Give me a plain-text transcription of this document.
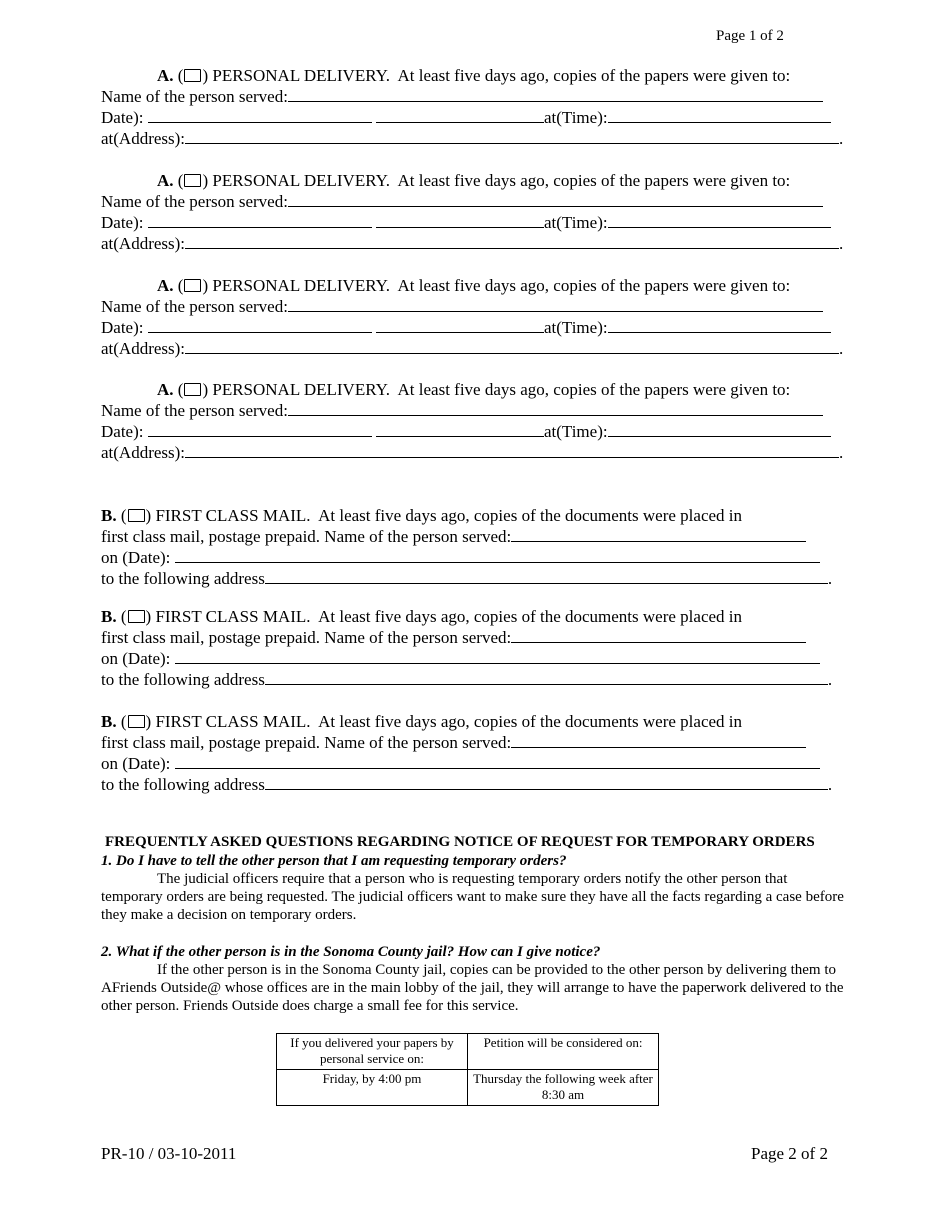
Page 1 of 2
A. ( ) PERSONAL DELIVERY. At least five days ago, copies of the papers were given to:
Name of the person served:
Date):	at(Time):
at(Address):	.
A. ( ) PERSONAL DELIVERY. At least five days ago, copies of the papers were given to:
Name of the person served:
Date):	at(Time):
at(Address):	.
A. ( ) PERSONAL DELIVERY. At least five days ago, copies of the papers were given to:
Name of the person served:
Date):	at(Time):
at(Address):	.
A. ( ) PERSONAL DELIVERY. At least five days ago, copies of the papers were given to:
Name of the person served:
Date):	at(Time):
at(Address):	.
B. ( ) FIRST CLASS MAIL. At least five days ago, copies of the documents were placed in
first class mail, postage prepaid. Name of the person served:
on (Date):
to the following address	.
B. ( ) FIRST CLASS MAIL. At least five days ago, copies of the documents were placed in
first class mail, postage prepaid. Name of the person served:
on (Date):
to the following address	.
B. ( ) FIRST CLASS MAIL. At least five days ago, copies of the documents were placed in
first class mail, postage prepaid. Name of the person served:
on (Date):
to the following address	.
FREQUENTLY ASKED QUESTIONS REGARDING NOTICE OF REQUEST FOR TEMPORARY ORDERS

1. Do I have to tell the other person that I am requesting temporary orders?

The judicial officers require that a person who is requesting temporary orders notify the other person that temporary orders are being requested. The judicial officers want to make sure they have all the facts regarding a case before they make a decision on temporary orders.

2. What if the other person is in the Sonoma County jail? How can I give notice?

If the other person is in the Sonoma County jail, copies can be provided to the other person by delivering them to AFriends Outside@ whose offices are in the main lobby of the jail, they will arrange to have the paperwork delivered to the other person. Friends Outside does charge a small fee for this service.

If you delivered your papers by personal service on:	Petition will be considered on:
Friday, by 4:00 pm	Thursday the following week after 8:30 am
PR-10 / 03-10-2011	Page 2 of 2
